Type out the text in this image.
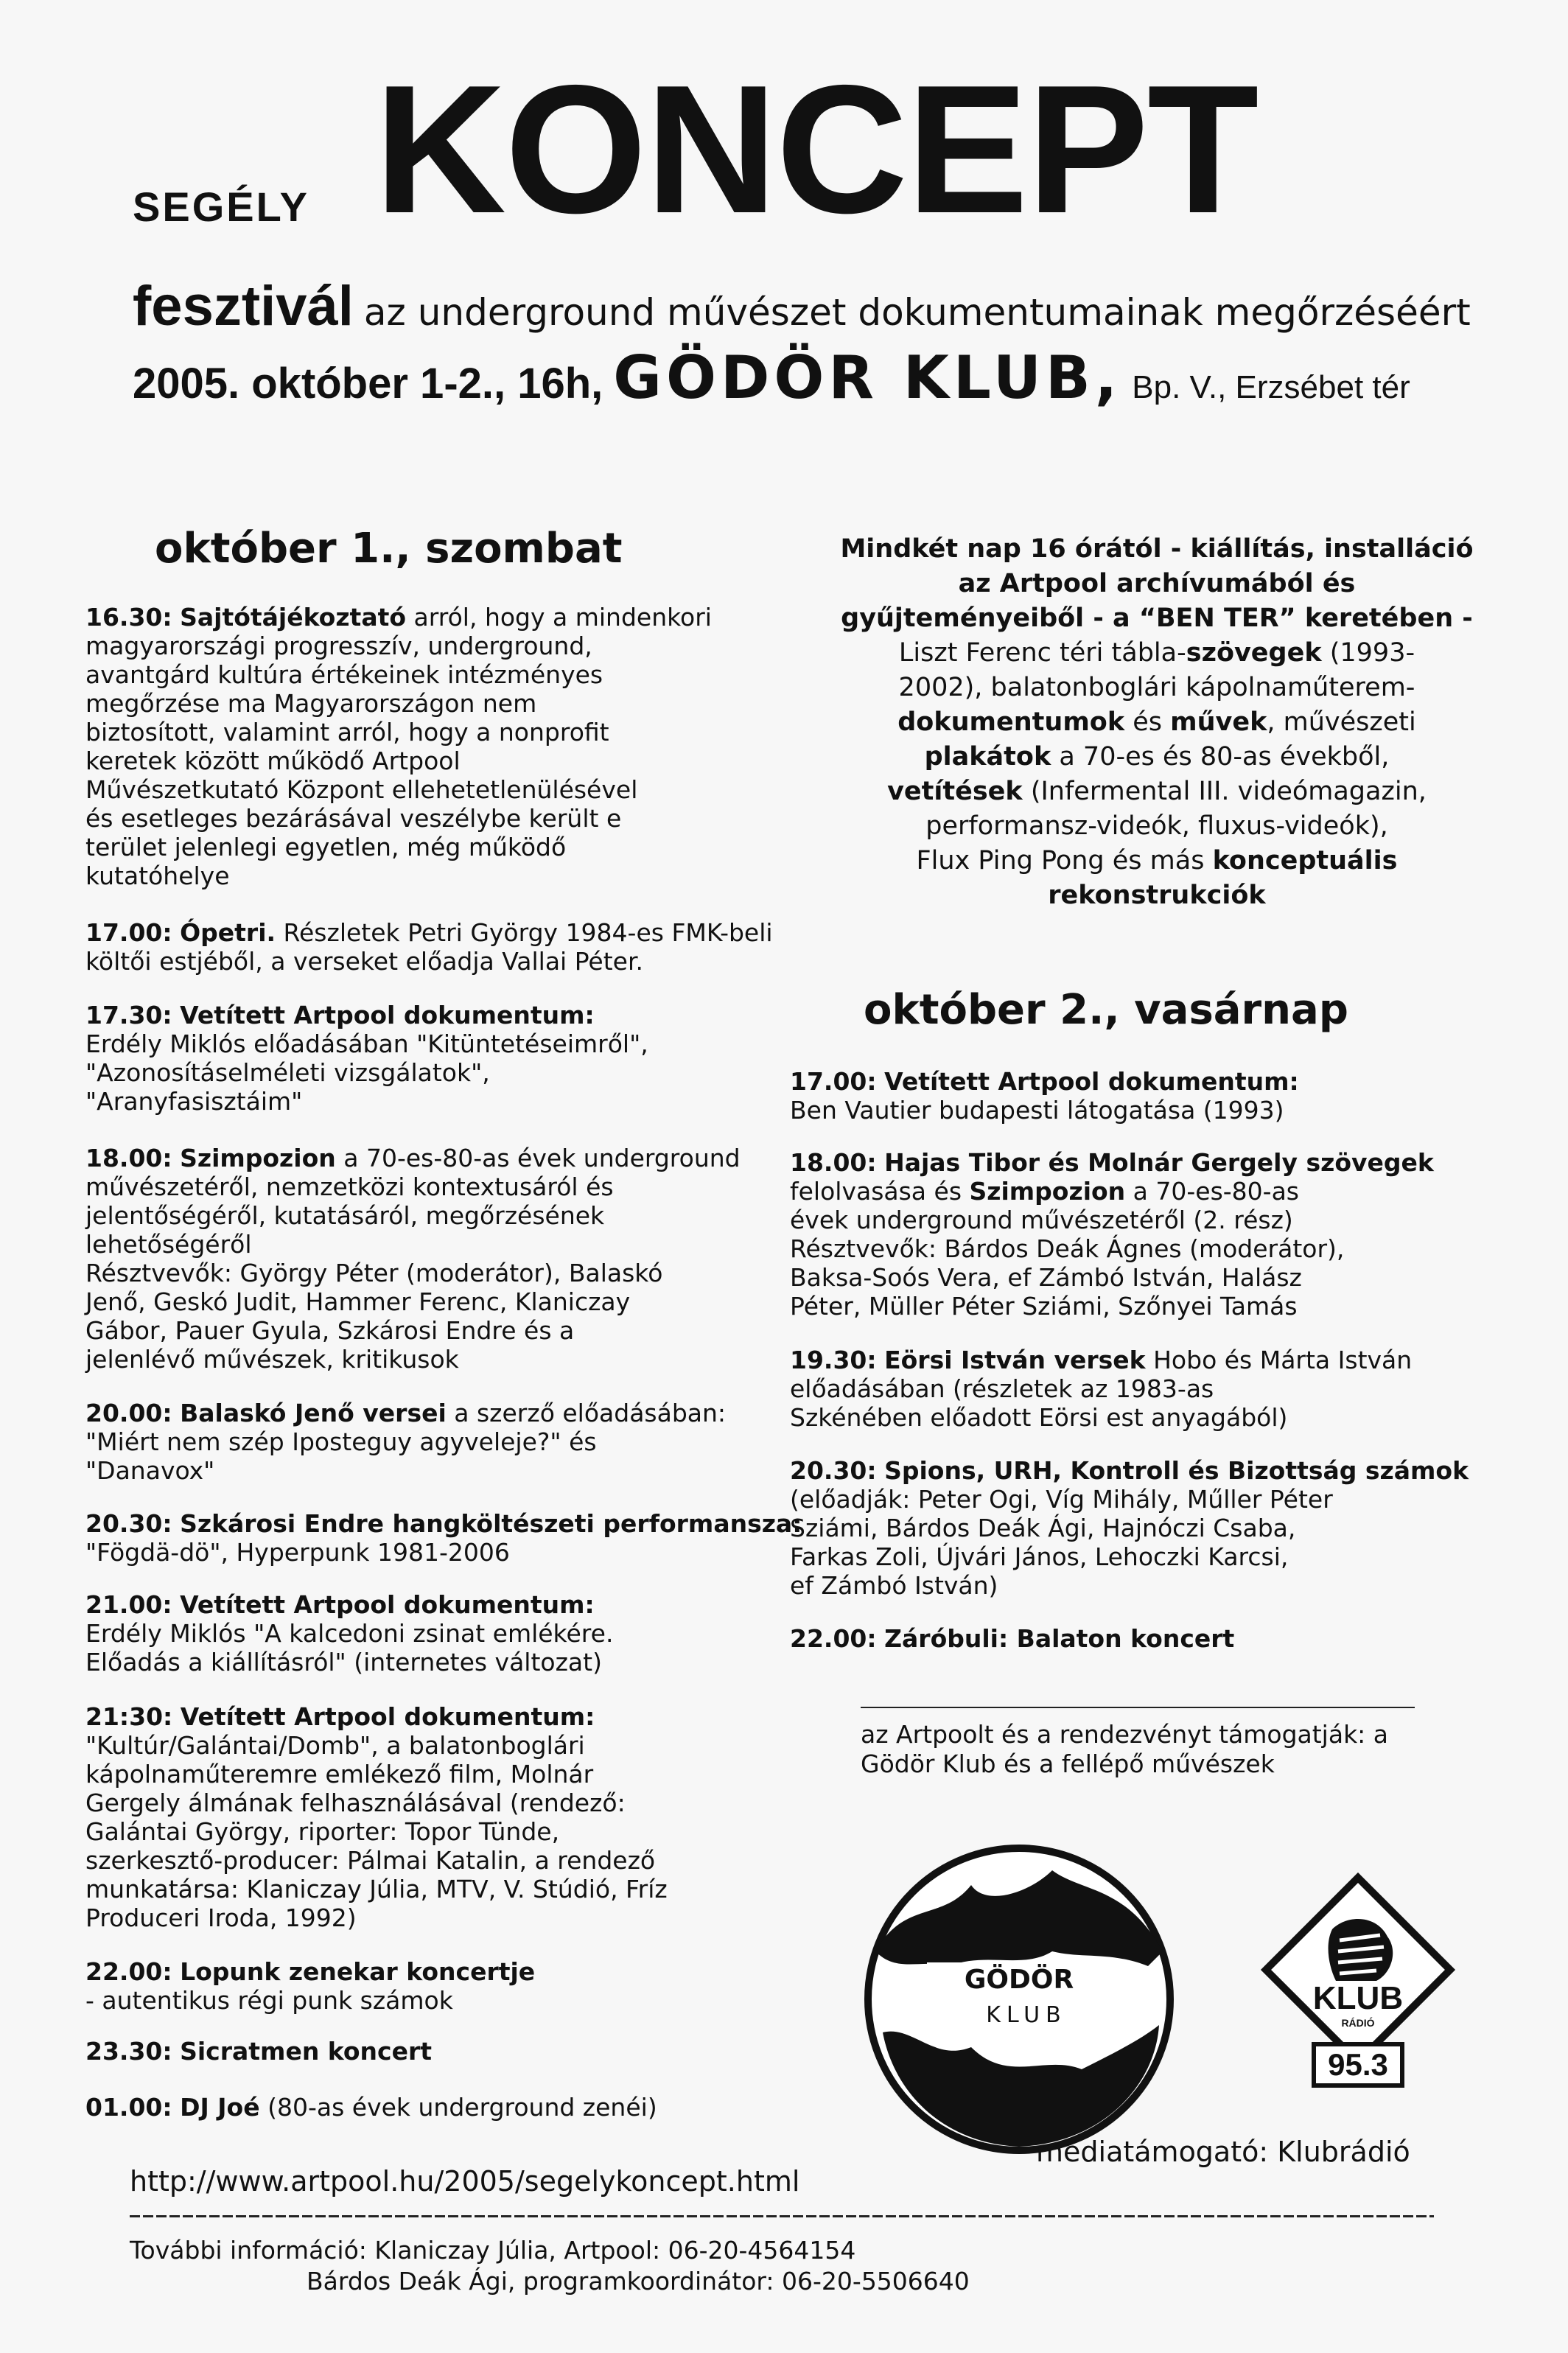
SEGÉLY KONCEPT
fesztivál az underground művészet dokumentumainak megőrzéséért
2005. október 1-2., 16h, GÖDÖR KLUB, Bp. V., Erzsébet tér
október 1., szombat
16.30: Sajtótájékoztató arról, hogy a mindenkori
magyarországi progresszív, underground,
avantgárd kultúra értékeinek intézményes
megőrzése ma Magyarországon nem
biztosított, valamint arról, hogy a nonprofit
keretek között működő Artpool
Művészetkutató Központ ellehetetlenülésével
és esetleges bezárásával veszélybe került e
terület jelenlegi egyetlen, még működő
kutatóhelye
17.00: Ópetri. Részletek Petri György 1984-es FMK-beli
költői estjéből, a verseket előadja Vallai Péter.
17.30: Vetített Artpool dokumentum:
Erdély Miklós előadásában "Kitüntetéseimről",
"Azonosításelméleti vizsgálatok",
"Aranyfasisztáim"
18.00: Szimpozion a 70-es-80-as évek underground
művészetéről, nemzetközi kontextusáról és
jelentőségéről, kutatásáról, megőrzésének
lehetőségéről
Résztvevők: György Péter (moderátor), Balaskó
Jenő, Geskó Judit, Hammer Ferenc, Klaniczay
Gábor, Pauer Gyula, Szkárosi Endre és a
jelenlévő művészek, kritikusok
20.00: Balaskó Jenő versei a szerző előadásában:
"Miért nem szép Iposteguy agyveleje?" és
"Danavox"
20.30: Szkárosi Endre hangköltészeti performansza:
"Fögdä-dö", Hyperpunk 1981-2006
21.00: Vetített Artpool dokumentum:
Erdély Miklós "A kalcedoni zsinat emlékére.
Előadás a kiállításról" (internetes változat)
21:30: Vetített Artpool dokumentum:
"Kultúr/Galántai/Domb", a balatonboglári
kápolnaműteremre emlékező film, Molnár
Gergely álmának felhasználásával (rendező:
Galántai György, riporter: Topor Tünde,
szerkesztő-producer: Pálmai Katalin, a rendező
munkatársa: Klaniczay Júlia, MTV, V. Stúdió, Fríz
Produceri Iroda, 1992)
22.00: Lopunk zenekar koncertje
- autentikus régi punk számok
23.30: Sicratmen koncert
01.00: DJ Joé (80-as évek underground zenéi)
Mindkét nap 16 órától - kiállítás, installáció
az Artpool archívumából és
gyűjteményeiből - a “BEN TER” keretében -
Liszt Ferenc téri tábla-szövegek (1993-
2002), balatonboglári kápolnaműterem-
dokumentumok és művek, művészeti
plakátok a 70-es és 80-as évekből,
vetítések (Infermental III. videómagazin,
performansz-videók, fluxus-videók),
Flux Ping Pong és más konceptuális
rekonstrukciók
október 2., vasárnap
17.00: Vetített Artpool dokumentum:
Ben Vautier budapesti látogatása (1993)
18.00: Hajas Tibor és Molnár Gergely szövegek
felolvasása és Szimpozion a 70-es-80-as
évek underground művészetéről (2. rész)
Résztvevők: Bárdos Deák Ágnes (moderátor),
Baksa-Soós Vera, ef Zámbó István, Halász
Péter, Müller Péter Sziámi, Szőnyei Tamás
19.30: Eörsi István versek Hobo és Márta István
előadásában (részletek az 1983-as
Szkénében előadott Eörsi est anyagából)
20.30: Spions, URH, Kontroll és Bizottság számok
(előadják: Peter Ogi, Víg Mihály, Műller Péter
Sziámi, Bárdos Deák Ági, Hajnóczi Csaba,
Farkas Zoli, Újvári János, Lehoczki Karcsi,
ef Zámbó István)
22.00: Záróbuli: Balaton koncert
az Artpoolt és a rendezvényt támogatják: a
Gödör Klub és a fellépő művészek
GÖDÖR
KLUB	KLUB
RÁDIÓ
95.3
médiatámogató: Klubrádió
http://www.artpool.hu/2005/segelykoncept.html
További információ: Klaniczay Júlia, Artpool: 06-20-4564154
Bárdos Deák Ági, programkoordinátor: 06-20-5506640
